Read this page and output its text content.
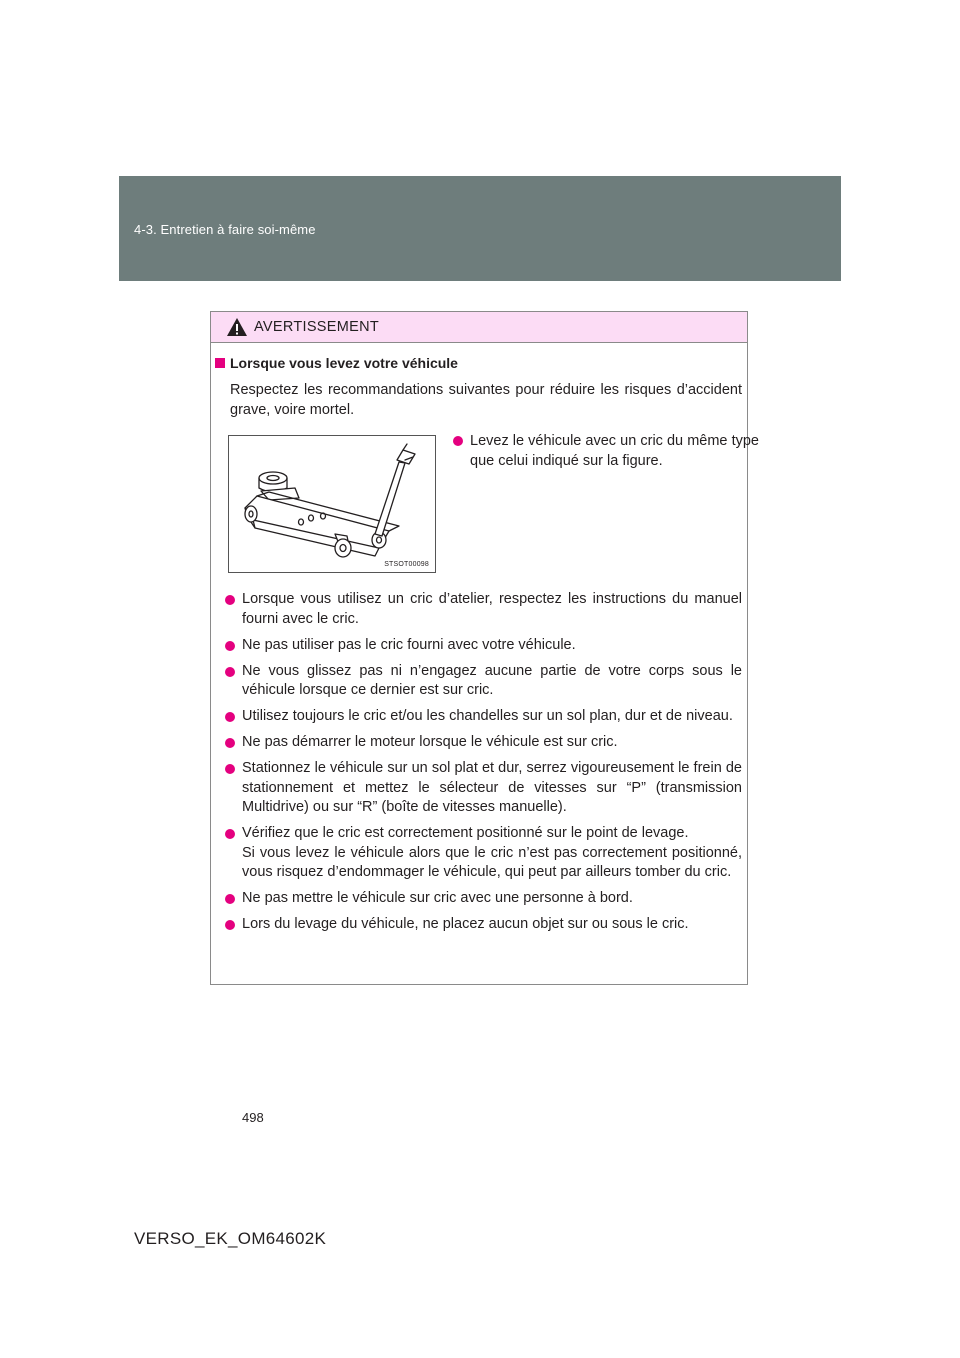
4-3. Entretien à faire soi-même
AVERTISSEMENT
Lorsque vous levez votre véhicule
Respectez les recommandations suivantes pour réduire les risques d’accident grave, voire mortel.
STSOT00098
Levez le véhicule avec un cric du même type que celui indiqué sur la figure.
Lorsque vous utilisez un cric d’atelier, respectez les instructions du manuel fourni avec le cric.
Ne pas utiliser pas le cric fourni avec votre véhicule.
Ne vous glissez pas ni n’engagez aucune partie de votre corps sous le véhicule lorsque ce dernier est sur cric.
Utilisez toujours le cric et/ou les chandelles sur un sol plan, dur et de niveau.
Ne pas démarrer le moteur lorsque le véhicule est sur cric.
Stationnez le véhicule sur un sol plat et dur, serrez vigoureusement le frein de stationnement et mettez le sélecteur de vitesses sur “P” (transmission Multidrive) ou sur “R” (boîte de vitesses manuelle).
Vérifiez que le cric est correctement positionné sur le point de levage.
Si vous levez le véhicule alors que le cric n’est pas correctement positionné, vous risquez d’endommager le véhicule, qui peut par ailleurs tomber du cric.
Ne pas mettre le véhicule sur cric avec une personne à bord.
Lors du levage du véhicule, ne placez aucun objet sur ou sous le cric.
498
VERSO_EK_OM64602K
